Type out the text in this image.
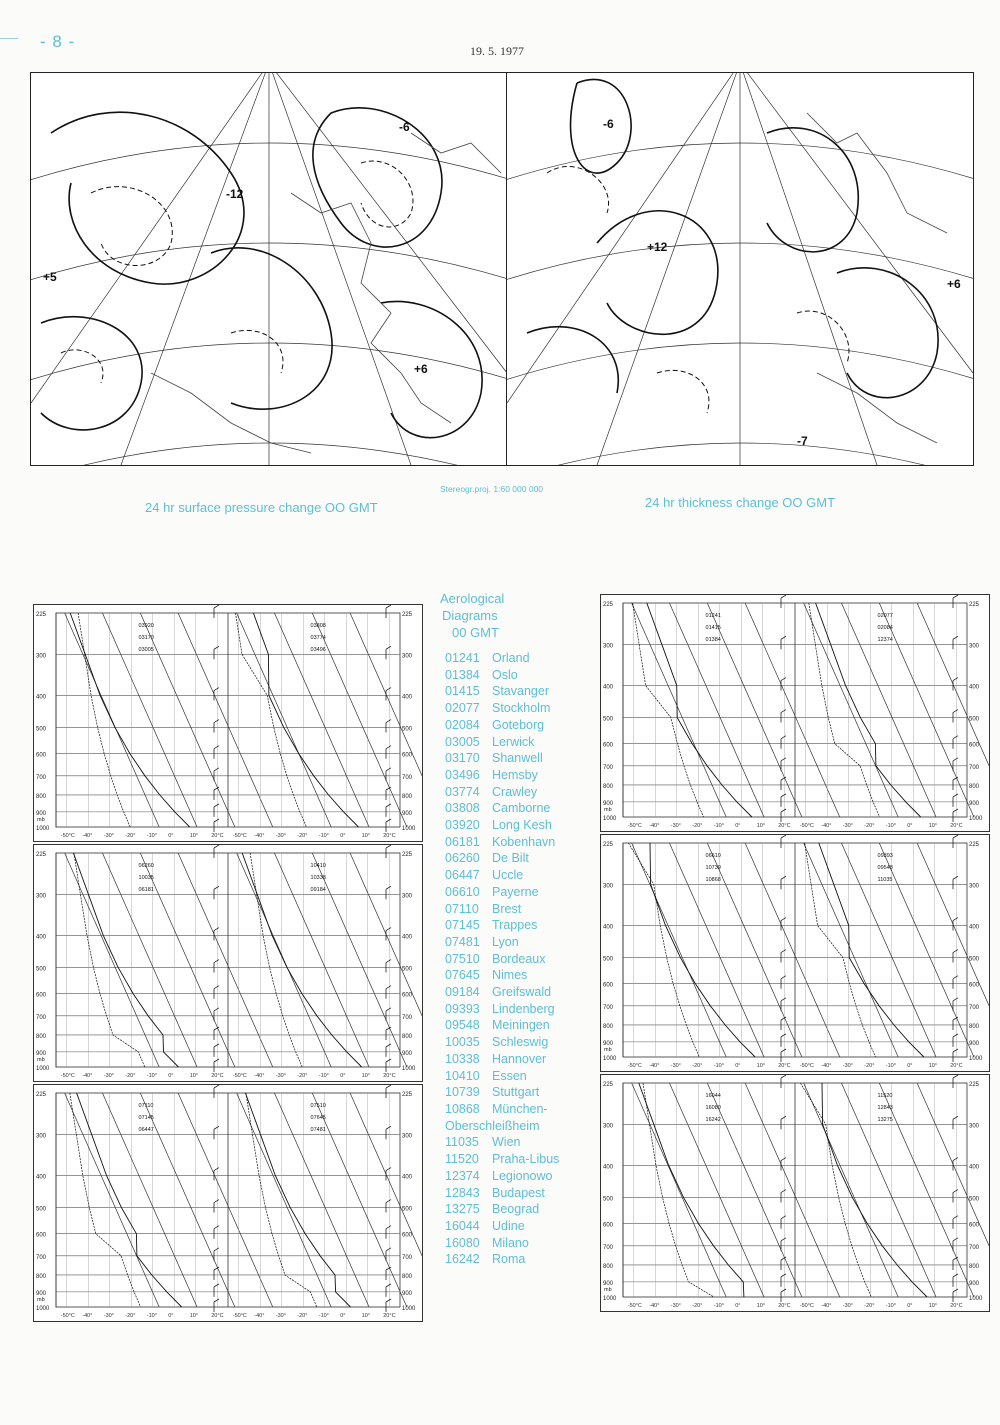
- 8 -	19. 5. 1977
-12
-6
+6
+5
+12
-6
-7
+6
24 hr surface pressure change OO GMT
Stereogr.proj. 1:60 000 000
24 hr thickness change OO GMT
Aerological
Diagrams
00 GMT
01241 Orland
01384 Oslo
01415 Stavanger
02077 Stockholm
02084 Goteborg
03005 Lerwick
03170 Shanwell
03496 Hemsby
03774 Crawley
03808 Camborne
03920 Long Kesh
06181 Kobenhavn
06260 De Bilt
06447 Uccle
06610 Payerne
07110	Brest
07145 Trappes
07481 Lyon
07510 Bordeaux
07645 Nimes
09184 Greifswald
09393 Lindenberg
09548 Meiningen
10035 Schleswig
10338 Hannover
10410 Essen
10739 Stuttgart
10868 München-
Oberschleißheim
11035	Wien
11520	Praha-Libus
12374 Legionowo
12843 Budapest
13275 Beograd
16044 Udine
16080 Milano
16242 Roma
225	225
300	300
400	400
500	500
600	600
700	700
800	800
900	900
1000	1000
-50°C -40° -30° -20° -10° 0°	10° 20°C
03920
03170
03005
-50°C -40° -30° -20° -10° 0°	10° 20°C
03808
03774
03496
mb
225	225
300	300
400	400
500	500
600	600
700	700
800	800
900	900
1000	1000
-50°C -40° -30° -20° -10° 0°	10° 20°C
06260
10035
06181
-50°C -40° -30° -20° -10° 0°	10° 20°C
10410
10338
09184
mb
225	225
300	300
400	400
500	500
600	600
700	700
800	800
900	900
1000	1000
-50°C -40° -30° -20° -10° 0°	10° 20°C
07110
07145
06447
-50°C -40° -30° -20° -10° 0°	10° 20°C
07510
07645
07481
mb
225	225
300	300
400	400
500	500
600	600
700	700
800	800
900	900
1000	1000
-50°C -40° -30° -20° -10° 0°	10° 20°C
01241
01415
01384
-50°C -40° -30° -20° -10° 0°	10° 20°C
02077
02084
12374
mb
225	225
300	300
400	400
500	500
600	600
700	700
800	800
900	900
1000	1000
-50°C -40° -30° -20° -10° 0°	10° 20°C
06610
10739
10868
-50°C -40° -30° -20° -10° 0°	10° 20°C
09393
09548
11035
mb
225	225
300	300
400	400
500	500
600	600
700	700
800	800
900	900
1000	1000
-50°C -40° -30° -20° -10° 0°	10° 20°C
16044
16080
16242
-50°C -40° -30° -20° -10° 0°	10° 20°C
11520
12843
13275
mb
